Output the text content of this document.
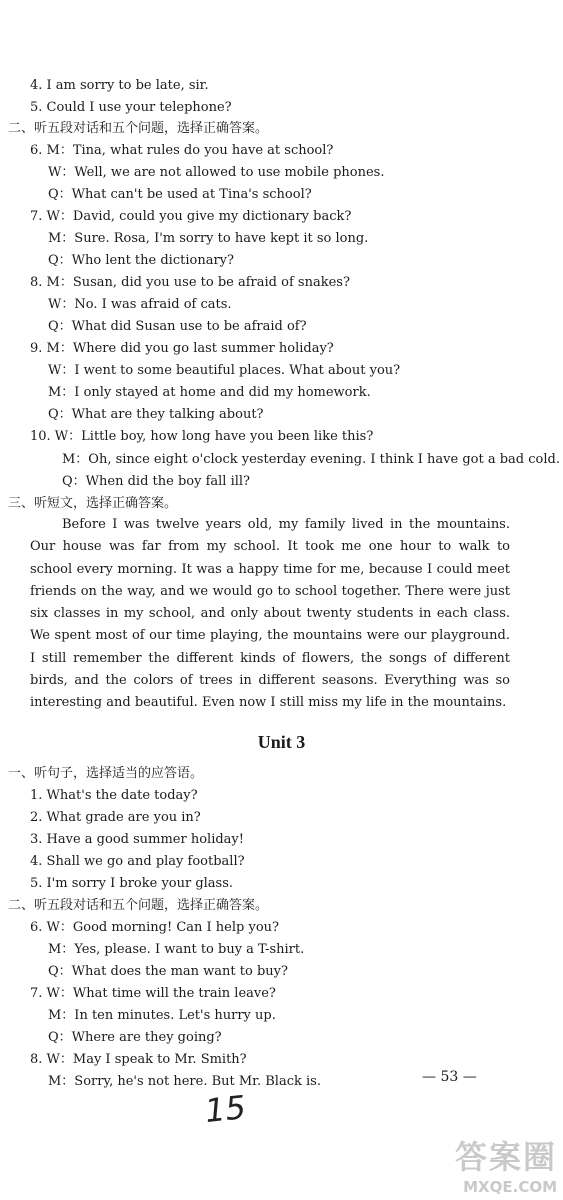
4. I am sorry to be late, sir.
5. Could I use your telephone?
二、听五段对话和五个问题，选择正确答案。
6. M：Tina, what rules do you have at school?
W：Well, we are not allowed to use mobile phones.
Q：What can't be used at Tina's school?
7. W：David, could you give my dictionary back?
M：Sure. Rosa, I'm sorry to have kept it so long.
Q：Who lent the dictionary?
8. M：Susan, did you use to be afraid of snakes?
W：No. I was afraid of cats.
Q：What did Susan use to be afraid of?
9. M：Where did you go last summer holiday?
W：I went to some beautiful places. What about you?
M：I only stayed at home and did my homework.
Q：What are they talking about?
10. W：Little boy, how long have you been like this?
M：Oh, since eight o'clock yesterday evening. I think I have got a bad cold.
Q：When did the boy fall ill?
三、听短文，选择正确答案。
Before I was twelve years old, my family lived in the mountains. Our house was far from my school. It took me one hour to walk to school every morning. It was a happy time for me, because I could meet friends on the way, and we would go to school together. There were just six classes in my school, and only about twenty students in each class. We spent most of our time playing, the mountains were our playground. I still remember the different kinds of flowers, the songs of different birds, and the colors of trees in different seasons. Everything was so interesting and beautiful. Even now I still miss my life in the mountains.
Unit 3
一、听句子，选择适当的应答语。
1. What's the date today?
2. What grade are you in?
3. Have a good summer holiday!
4. Shall we go and play football?
5. I'm sorry I broke your glass.
二、听五段对话和五个问题，选择正确答案。
6. W：Good morning! Can I help you?
M：Yes, please. I want to buy a T-shirt.
Q：What does the man want to buy?
7. W：What time will the train leave?
M：In ten minutes. Let's hurry up.
Q：Where are they going?
8. W：May I speak to Mr. Smith?
M：Sorry, he's not here. But Mr. Black is.	— 53 —
15
答案圈
MXQE.COM
